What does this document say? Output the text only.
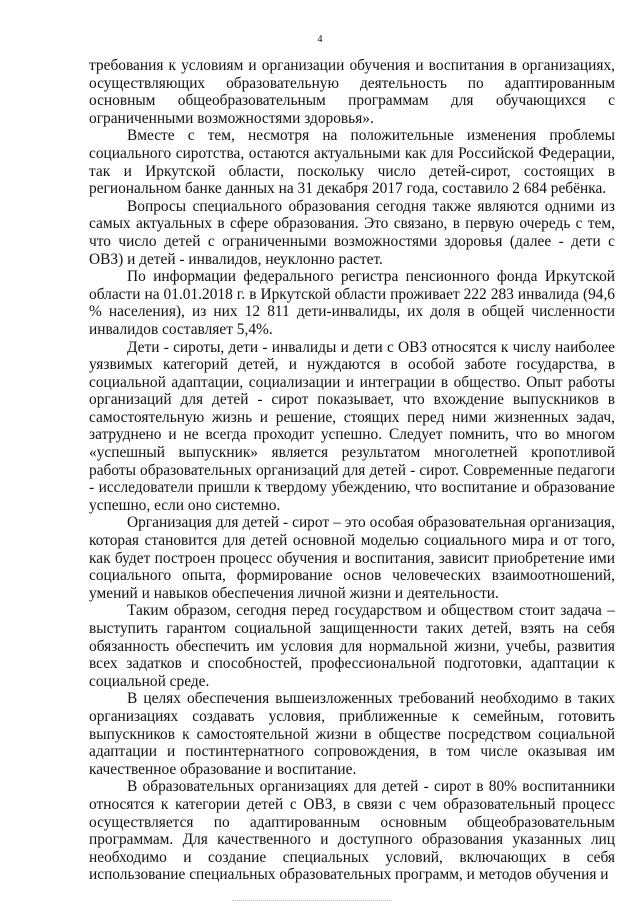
4

требования к условиям и организации обучения и воспитания в организациях, осуществляющих образовательную деятельность по адаптированным основным общеобразовательным программам для обучающихся с ограниченными возможностями здоровья».

Вместе с тем, несмотря на положительные изменения проблемы социального сиротства, остаются актуальными как для Российской Федерации, так и Иркутской области, поскольку число детей-сирот, состоящих в региональном банке данных на 31 декабря 2017 года, составило 2 684 ребёнка.

Вопросы специального образования сегодня также являются одними из самых актуальных в сфере образования. Это связано, в первую очередь с тем, что число детей с ограниченными возможностями здоровья (далее - дети с ОВЗ) и детей - инвалидов, неуклонно растет.

По информации федерального регистра пенсионного фонда Иркутской области на 01.01.2018 г. в Иркутской области проживает 222 283 инвалида (94,6 % населения), из них 12 811 дети-инвалиды, их доля в общей численности инвалидов составляет 5,4%.

Дети - сироты, дети - инвалиды и дети с ОВЗ относятся к числу наиболее уязвимых категорий детей, и нуждаются в особой заботе государства, в социальной адаптации, социализации и интеграции в общество. Опыт работы организаций для детей - сирот показывает, что вхождение выпускников в самостоятельную жизнь и решение, стоящих перед ними жизненных задач, затруднено и не всегда проходит успешно. Следует помнить, что во многом «успешный выпускник» является результатом многолетней кропотливой работы образовательных организаций для детей - сирот. Современные педагоги - исследователи пришли к твердому убеждению, что воспитание и образование успешно, если оно системно.

Организация для детей - сирот – это особая образовательная организация, которая становится для детей основной моделью социального мира и от того, как будет построен процесс обучения и воспитания, зависит приобретение ими социального опыта, формирование основ человеческих взаимоотношений, умений и навыков обеспечения личной жизни и деятельности.

Таким образом, сегодня перед государством и обществом стоит задача – выступить гарантом социальной защищенности таких детей, взять на себя обязанность обеспечить им условия для нормальной жизни, учебы, развития всех задатков и способностей, профессиональной подготовки, адаптации к социальной среде.

В целях обеспечения вышеизложенных требований необходимо в таких организациях создавать условия, приближенные к семейным, готовить выпускников к самостоятельной жизни в обществе посредством социальной адаптации и постинтернатного сопровождения, в том числе оказывая им качественное образование и воспитание.

В образовательных организациях для детей - сирот в 80% воспитанники относятся к категории детей с ОВЗ, в связи с чем образовательный процесс осуществляется по адаптированным основным общеобразовательным программам. Для качественного и доступного образования указанных лиц необходимо и создание специальных условий, включающих в себя использование специальных образовательных программ, и методов обучения и
